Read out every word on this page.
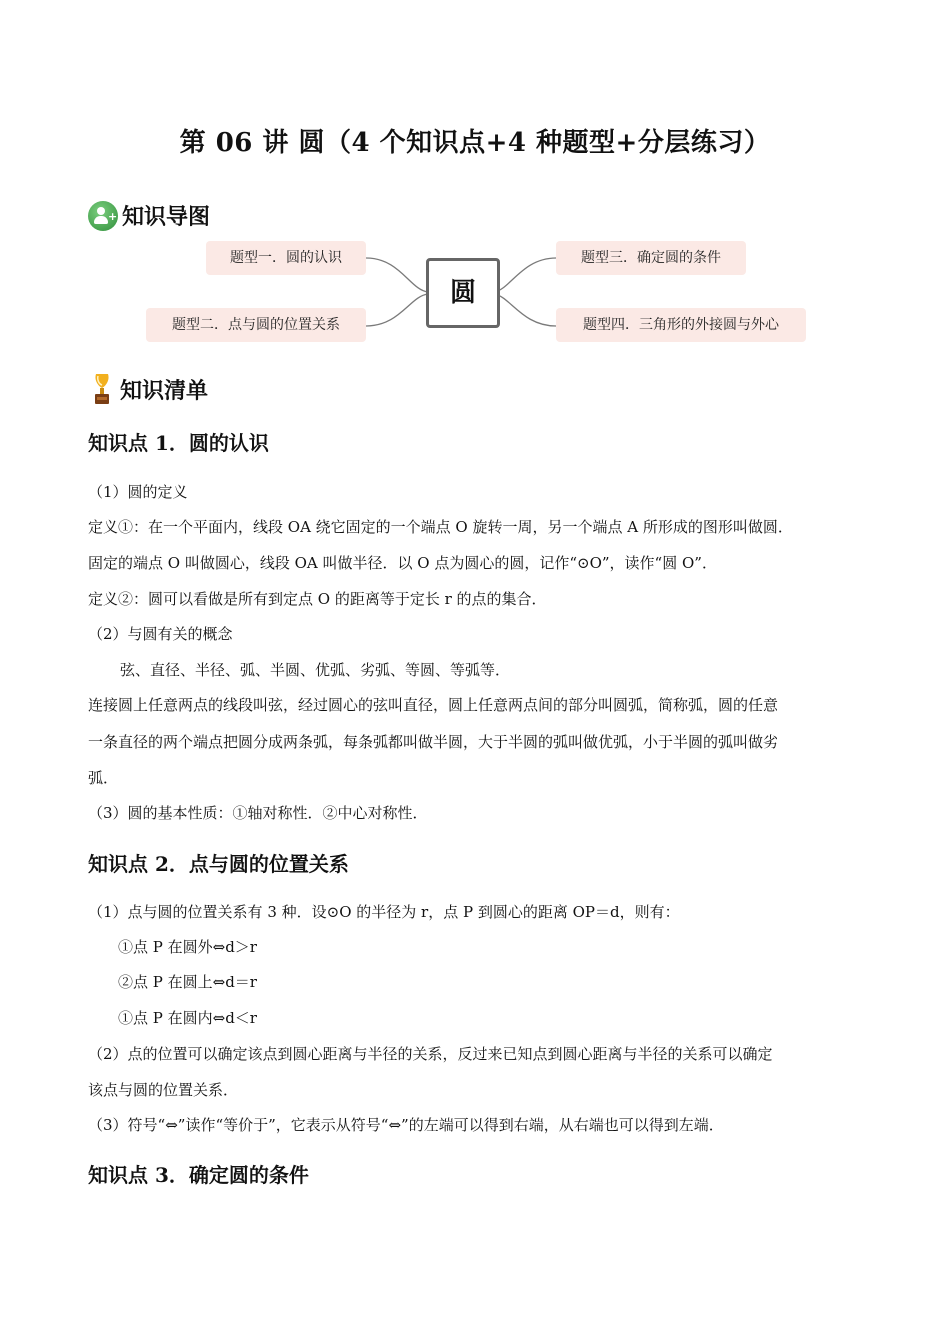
第 06 讲 圆（4 个知识点+4 种题型+分层练习）
+ 知识导图
题型一．圆的认识
题型二．点与圆的位置关系
题型三．确定圆的条件
题型四．三角形的外接圆与外心
圆
知识清单
知识点 1．圆的认识
（1）圆的定义
定义①：在一个平面内，线段 OA 绕它固定的一个端点 O 旋转一周，另一个端点 A 所形成的图形叫做圆．
固定的端点 O 叫做圆心，线段 OA 叫做半径．以 O 点为圆心的圆，记作“⊙O”，读作“圆 O”．
定义②：圆可以看做是所有到定点 O 的距离等于定长 r 的点的集合．
（2）与圆有关的概念
弦、直径、半径、弧、半圆、优弧、劣弧、等圆、等弧等．
连接圆上任意两点的线段叫弦，经过圆心的弦叫直径，圆上任意两点间的部分叫圆弧，简称弧，圆的任意
一条直径的两个端点把圆分成两条弧，每条弧都叫做半圆，大于半圆的弧叫做优弧，小于半圆的弧叫做劣
弧．
（3）圆的基本性质：①轴对称性．②中心对称性．
知识点 2．点与圆的位置关系
（1）点与圆的位置关系有 3 种．设⊙O 的半径为 r，点 P 到圆心的距离 OP＝d，则有：
①点 P 在圆外⇔d＞r
②点 P 在圆上⇔d＝r
①点 P 在圆内⇔d＜r
（2）点的位置可以确定该点到圆心距离与半径的关系，反过来已知点到圆心距离与半径的关系可以确定
该点与圆的位置关系．
（3）符号“⇔”读作“等价于”，它表示从符号“⇔”的左端可以得到右端，从右端也可以得到左端．
知识点 3．确定圆的条件
